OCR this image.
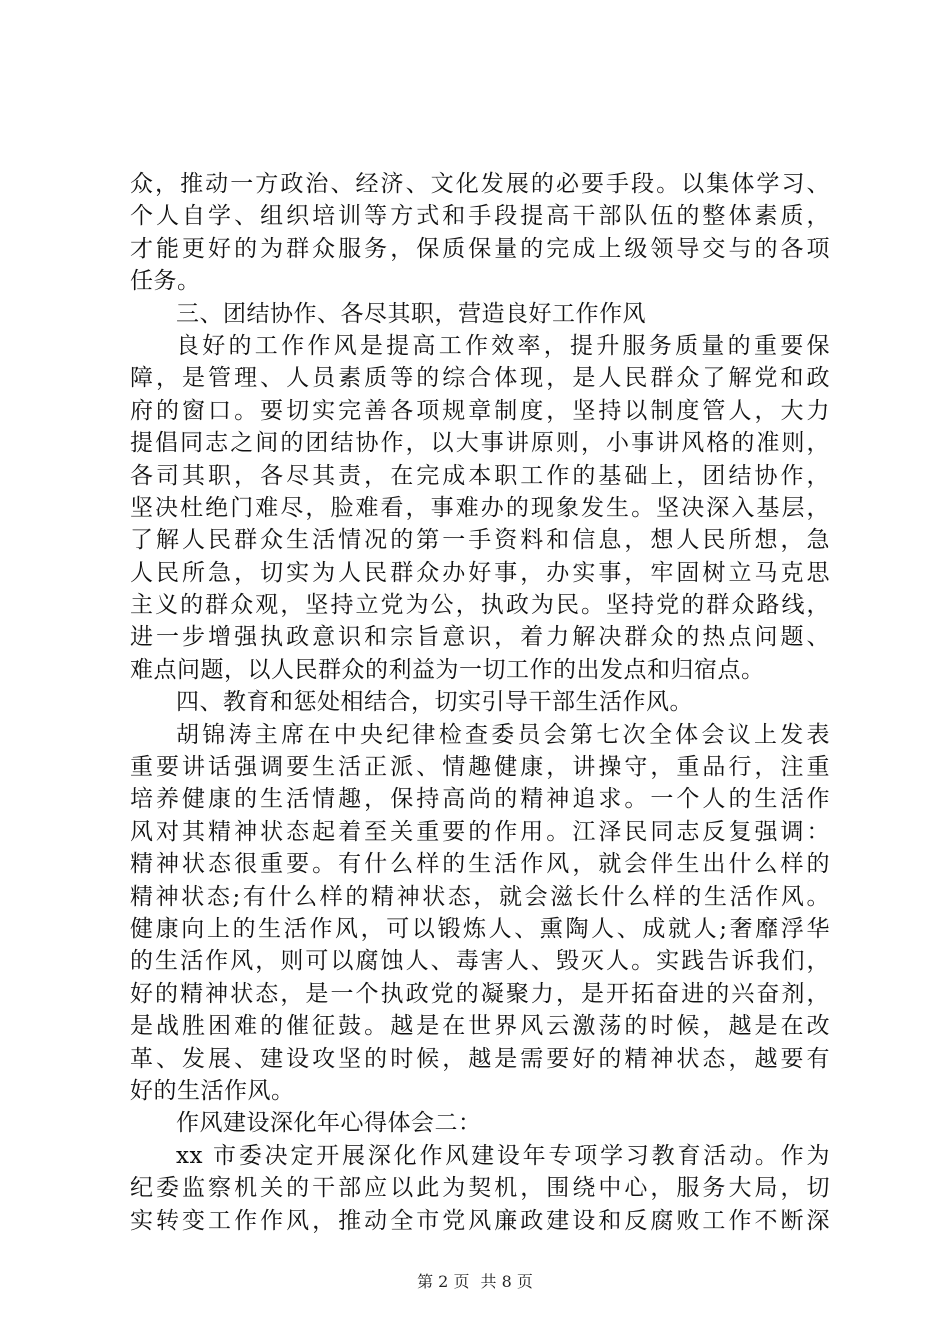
众，推动一方政治、经济、文化发展的必要手段。以集体学习、
个人自学、组织培训等方式和手段提高干部队伍的整体素质，
才能更好的为群众服务，保质保量的完成上级领导交与的各项
任务。
三、团结协作、各尽其职，营造良好工作作风
良好的工作作风是提高工作效率，提升服务质量的重要保
障，是管理、人员素质等的综合体现，是人民群众了解党和政
府的窗口。要切实完善各项规章制度，坚持以制度管人，大力
提倡同志之间的团结协作，以大事讲原则，小事讲风格的准则，
各司其职，各尽其责，在完成本职工作的基础上，团结协作，
坚决杜绝门难尽，脸难看，事难办的现象发生。坚决深入基层，
了解人民群众生活情况的第一手资料和信息，想人民所想，急
人民所急，切实为人民群众办好事，办实事，牢固树立马克思
主义的群众观，坚持立党为公，执政为民。坚持党的群众路线，
进一步增强执政意识和宗旨意识，着力解决群众的热点问题、
难点问题，以人民群众的利益为一切工作的出发点和归宿点。
四、教育和惩处相结合，切实引导干部生活作风。
胡锦涛主席在中央纪律检查委员会第七次全体会议上发表
重要讲话强调要生活正派、情趣健康，讲操守，重品行，注重
培养健康的生活情趣，保持高尚的精神追求。一个人的生活作
风对其精神状态起着至关重要的作用。江泽民同志反复强调：
精神状态很重要。有什么样的生活作风，就会伴生出什么样的
精神状态;有什么样的精神状态，就会滋长什么样的生活作风。
健康向上的生活作风，可以锻炼人、熏陶人、成就人;奢靡浮华
的生活作风，则可以腐蚀人、毒害人、毁灭人。实践告诉我们，
好的精神状态，是一个执政党的凝聚力，是开拓奋进的兴奋剂，
是战胜困难的催征鼓。越是在世界风云激荡的时候，越是在改
革、发展、建设攻坚的时候，越是需要好的精神状态，越要有
好的生活作风。
作风建设深化年心得体会二：
xx 市委决定开展深化作风建设年专项学习教育活动。作为
纪委监察机关的干部应以此为契机，围绕中心，服务大局，切
实转变工作作风，推动全市党风廉政建设和反腐败工作不断深
第 2 页 共 8 页
